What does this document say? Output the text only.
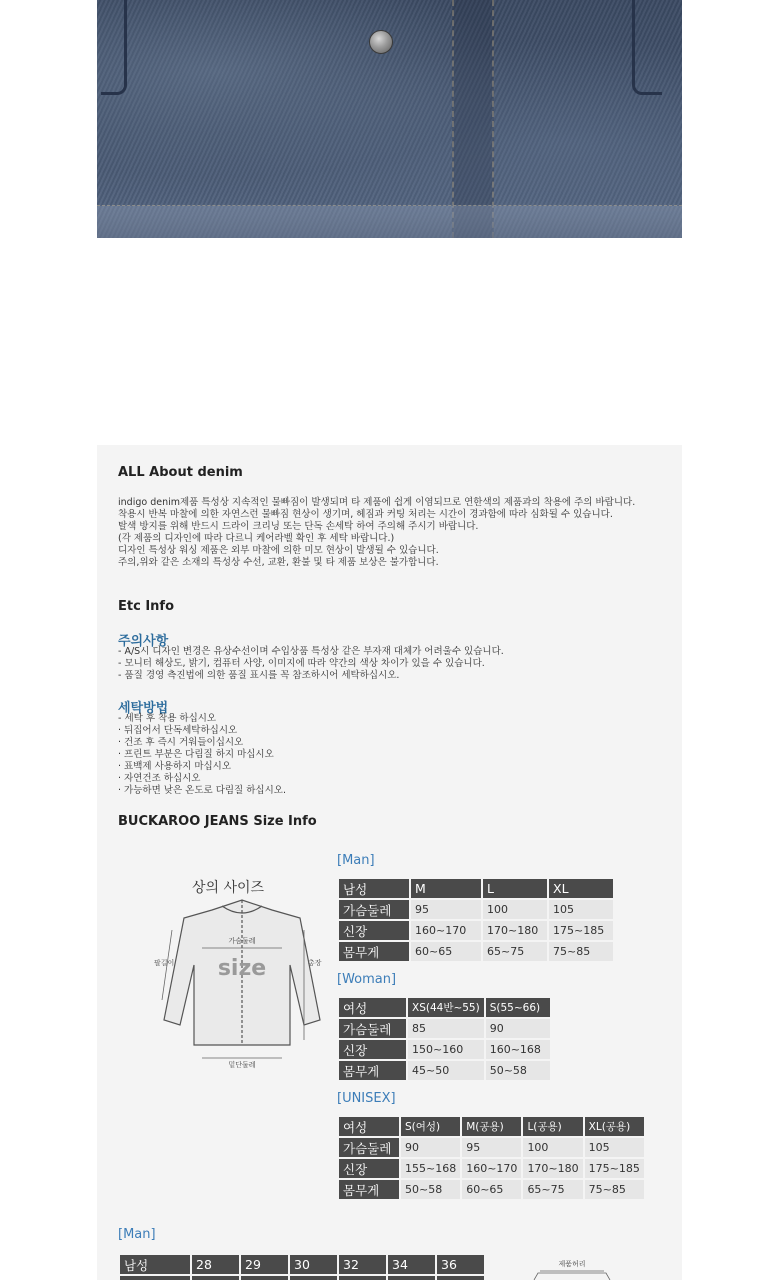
ALL About denim

indigo denim제품 특성상 지속적인 물빠짐이 발생되며 타 제품에 쉽게 이염되므로 연한색의 제품과의 착용에 주의 바랍니다.

착용시 반복 마찰에 의한 자연스런 물빠짐 현상이 생기며, 헤짐과 커팅 처리는 시간이 경과함에 따라 심화될 수 있습니다.

탈색 방지를 위해 반드시 드라이 크리닝 또는 단독 손세탁 하여 주의해 주시기 바랍니다.

(각 제품의 디자인에 따라 다르니 케어라벨 확인 후 세탁 바랍니다.)

디자인 특성상 워싱 제품은 외부 마찰에 의한 미모 현상이 발생될 수 있습니다.

주의,위와 같은 소재의 특성상 수선, 교환, 환불 및 타 제품 보상은 불가합니다.

Etc Info
주의사항

- A/S시 디자인 변경은 유상수선이며 수입상품 특성상 같은 부자재 대체가 어려울수 있습니다.

- 모니터 해상도, 밝기, 컴퓨터 사양, 이미지에 따라 약간의 색상 차이가 있을 수 있습니다.

- 품질 경영 측진법에 의한 품질 표시를 꼭 참조하시어 세탁하십시오.

세탁방법

- 세탁 후 착용 하십시오

· 뒤집어서 단독세탁하십시오

· 건조 후 즉시 거워들이십시오

· 프린트 부분은 다림질 하지 마십시오

· 표백제 사용하지 마십시오

· 자연건조 하십시오

· 가능하면 낮은 온도로 다림질 하십시오.

BUCKAROO JEANS Size Info
상의 사이즈
가슴둘레
size
팔길이	총장
밑단둘레
[Man]
남성	M	L	XL
가슴둘레	95	100	105
신장	160~170	170~180	175~185
몸무게	60~65	65~75	75~85
[Woman]
여성	XS(44반~55)	S(55~66)
가슴둘레	85	90
신장	150~160	160~168
몸무게	45~50	50~58
[UNISEX]
여성	S(여성)	M(공용)	L(공용)	XL(공용)
가슴둘레	90	95	100	105
신장	155~168	160~170	170~180	175~185
몸무게	50~58	60~65	65~75	75~85
[Man]
남성	28	29	30	32	34	36
							제품허리
